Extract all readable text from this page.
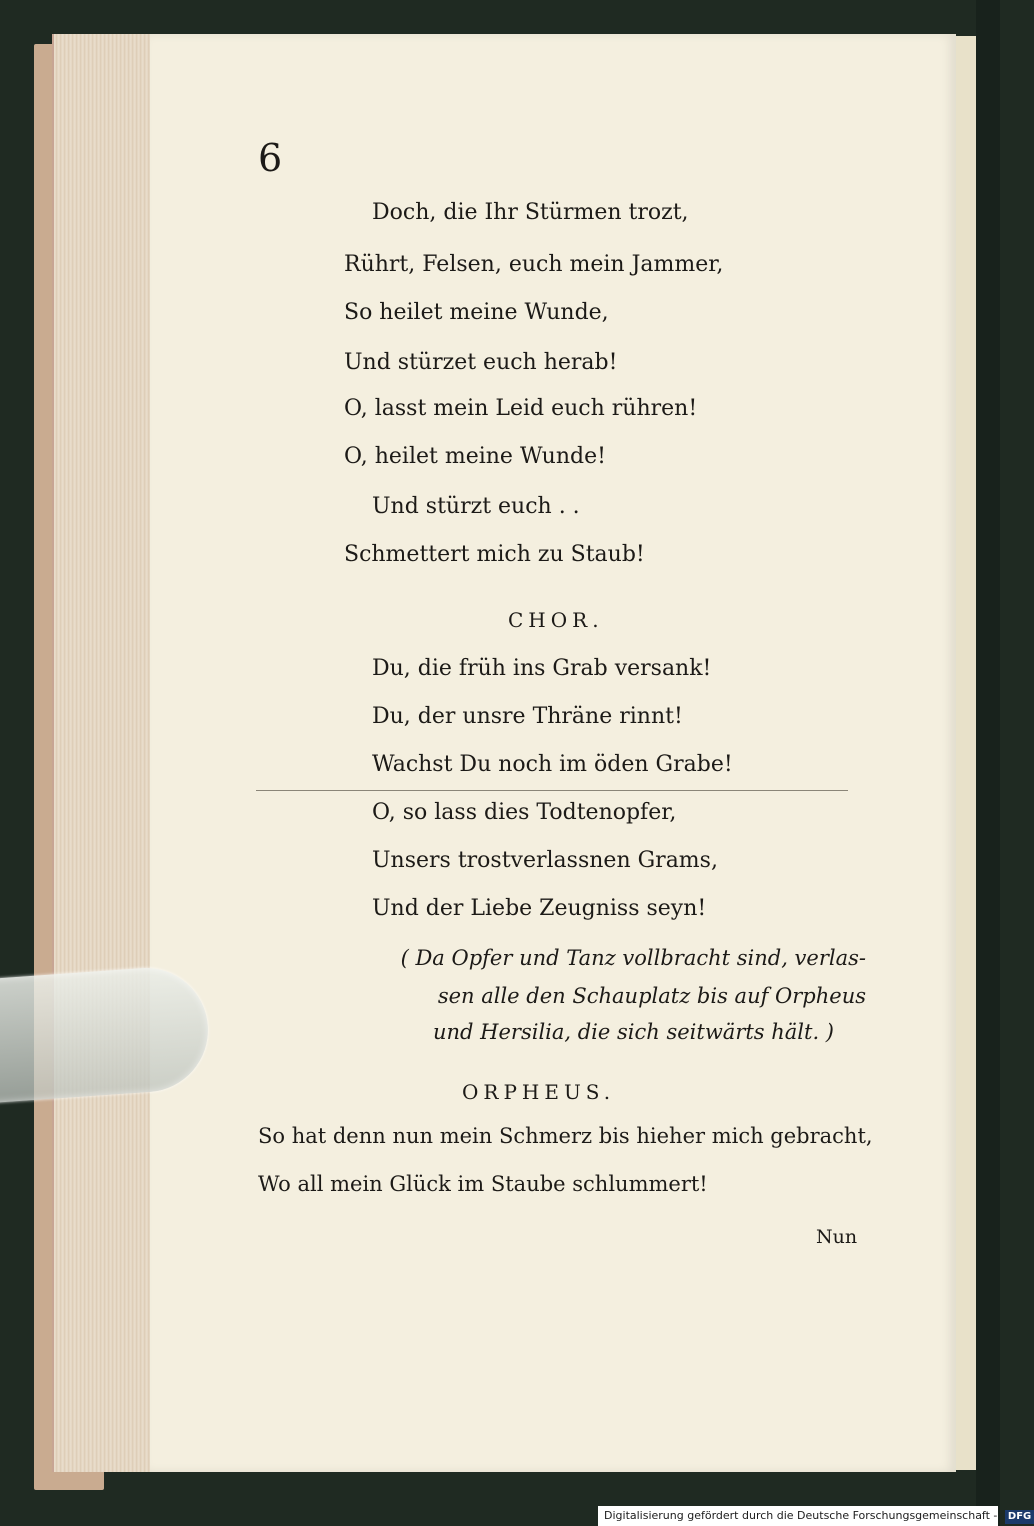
6
Doch, die Ihr Stürmen trozt,
Rührt, Felsen, euch mein Jammer,
So heilet meine Wunde,
Und stürzet euch herab!
O, lasst mein Leid euch rühren!
O, heilet meine Wunde!
Und stürzt euch . .
Schmettert mich zu Staub!
CHOR.
Du, die früh ins Grab versank!
Du, der unsre Thräne rinnt!
Wachst Du noch im öden Grabe!
O, so lass dies Todtenopfer,
Unsers trostverlassnen Grams,
Und der Liebe Zeugniss seyn!
( Da Opfer und Tanz vollbracht sind, verlas-
sen alle den Schauplatz bis auf Orpheus
und Hersilia, die sich seitwärts hält. )
ORPHEUS.
So hat denn nun mein Schmerz bis hieher mich gebracht,
Wo all mein Glück im Staube schlummert!
Nun
Digitalisierung gefördert durch die Deutsche Forschungsgemeinschaft - DFG
